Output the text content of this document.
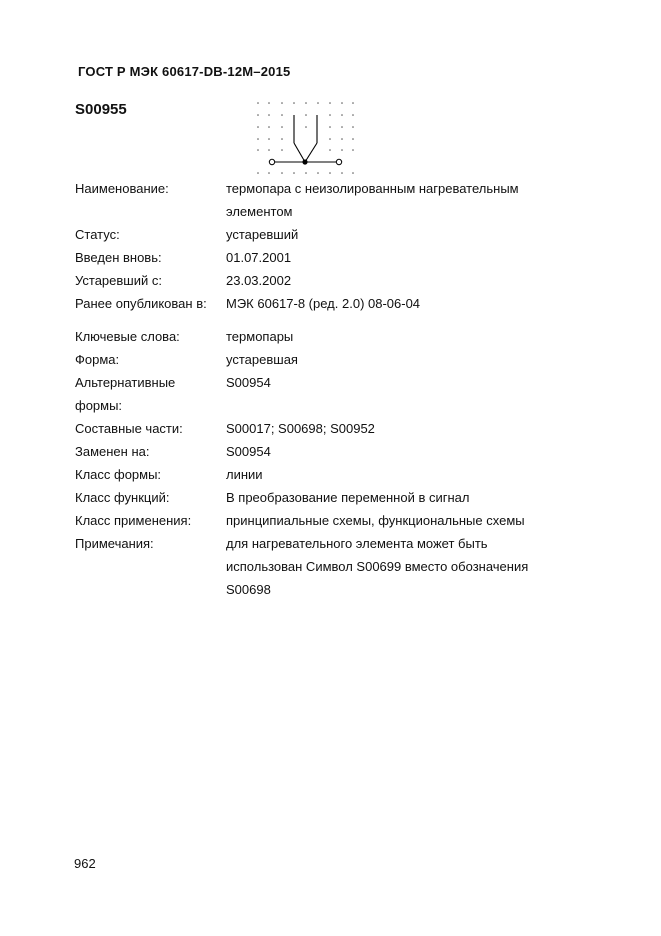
ГОСТ Р МЭК 60617-DB-12M–2015
S00955
Наименование:	термопара с неизолированным нагревательным
элементом
Статус:	устаревший
Введен вновь:	01.07.2001
Устаревший с:	23.03.2002
Ранее опубликован в:	МЭК 60617-8 (ред. 2.0) 08-06-04
Ключевые слова:	термопары
Форма:	устаревшая
Альтернативные
формы:
S00954
Составные части:	S00017; S00698; S00952
Заменен на:	S00954
Класс формы:	линии
Класс функций:	В преобразование переменной в сигнал
Класс применения:	принципиальные схемы, функциональные схемы
Примечания:	для нагревательного элемента может быть
использован Символ S00699 вместо обозначения
S00698
962
